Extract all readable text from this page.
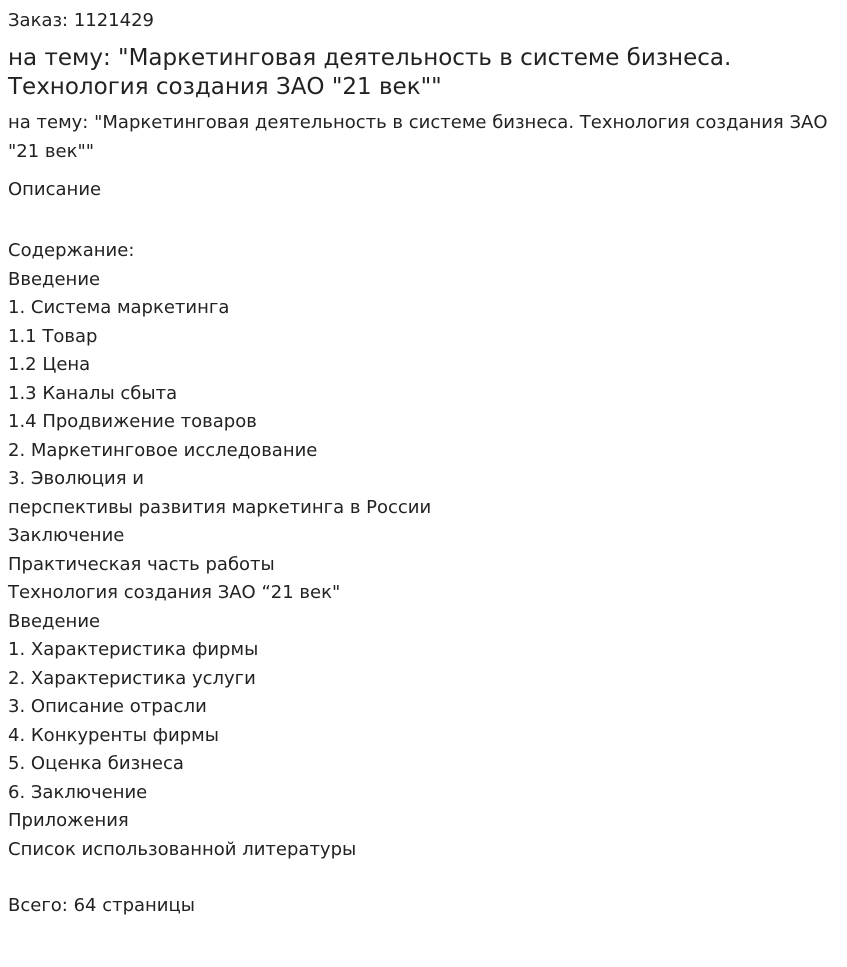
Заказ: 1121429

на тему: "Маркетинговая деятельность в системе бизнеса. Технология создания ЗАО "21 век""

на тему: "Маркетинговая деятельность в системе бизнеса. Технология создания ЗАО "21 век""

Описание

Содержание:
Введение
1. Система маркетинга
1.1 Товар
1.2 Цена
1.3 Каналы сбыта
1.4 Продвижение товаров
2. Маркетинговое исследование
3. Эволюция и
перспективы развития маркетинга в России
Заключение
Практическая часть работы
Технология создания ЗАО “21 век"
Введение
1. Характеристика фирмы
2. Характеристика услуги
3. Описание отрасли
4. Конкуренты фирмы
5. Оценка бизнеса
6. Заключение
Приложения
Список использованной литературы

Всего: 64 страницы
